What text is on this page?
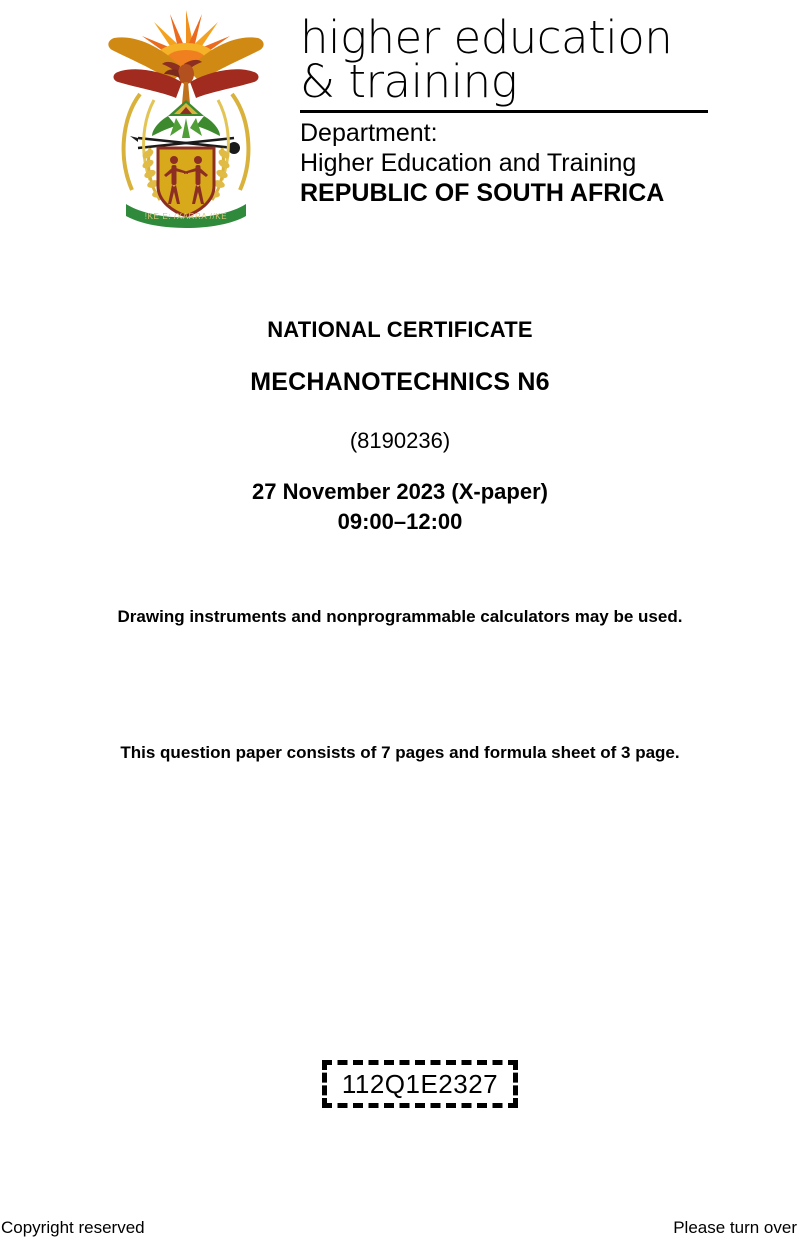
!KE E: /XARRA //KE
higher education
& training
Department:
Higher Education and Training
REPUBLIC OF SOUTH AFRICA
NATIONAL CERTIFICATE
MECHANOTECHNICS N6
(8190236)
27 November 2023 (X-paper)
09:00–12:00
Drawing instruments and nonprogrammable calculators may be used.
This question paper consists of 7 pages and formula sheet of 3 page.
112Q1E2327
Copyright reserved	Please turn over
